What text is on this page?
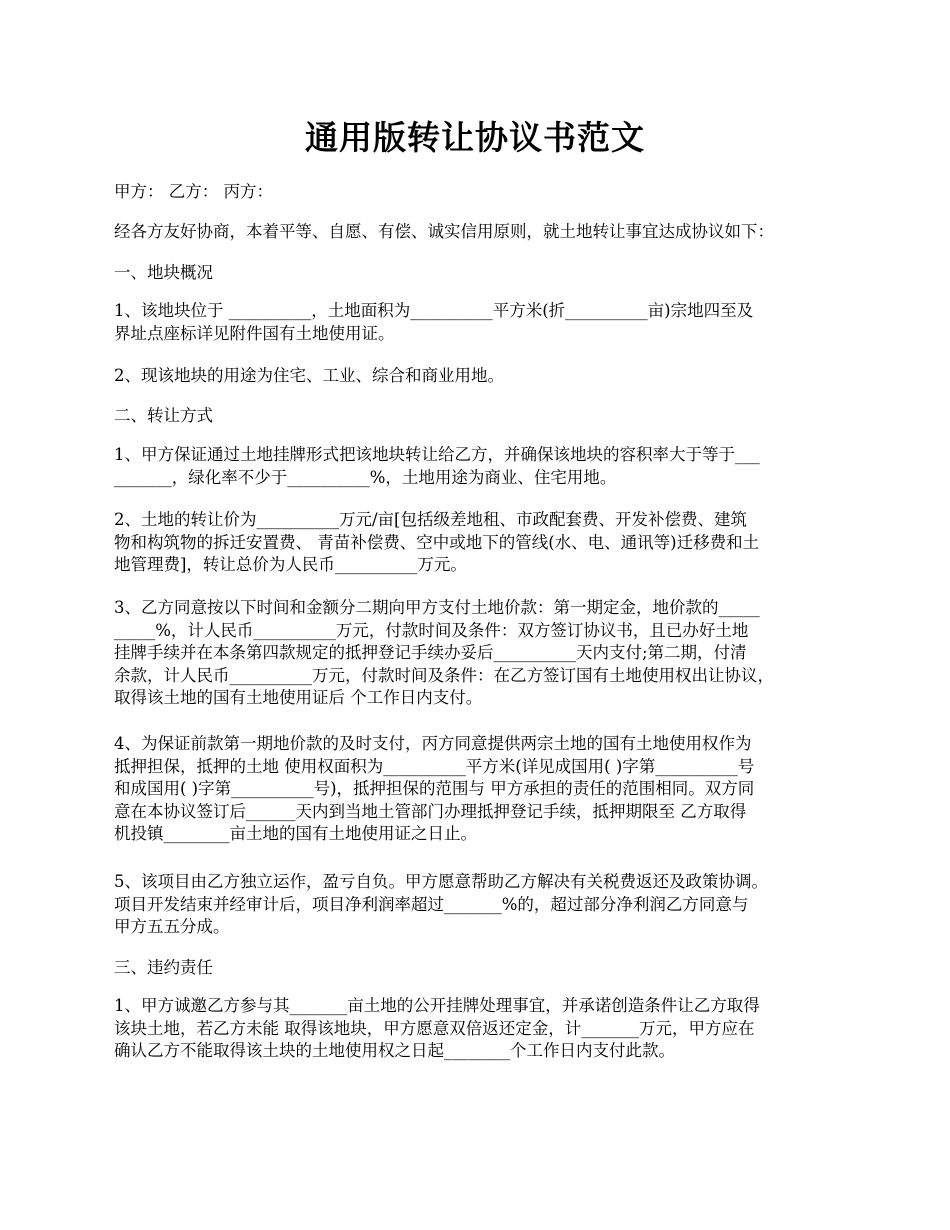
通用版转让协议书范文

甲方： 乙方： 丙方：

经各方友好协商，本着平等、自愿、有偿、诚实信用原则，就土地转让事宜达成协议如下：

一、地块概况

1、该地块位于 __________，土地面积为__________平方米(折__________亩)宗地四至及
界址点座标详见附件国有土地使用证。

2、现该地块的用途为住宅、工业、综合和商业用地。

二、转让方式

1、甲方保证通过土地挂牌形式把该地块转让给乙方，并确保该地块的容积率大于等于___
_______，绿化率不少于__________%，土地用途为商业、住宅用地。

2、土地的转让价为__________万元/亩[包括级差地租、市政配套费、开发补偿费、建筑
物和构筑物的拆迁安置费、 青苗补偿费、空中或地下的管线(水、电、通讯等)迁移费和土
地管理费]，转让总价为人民币__________万元。

3、乙方同意按以下时间和金额分二期向甲方支付土地价款：第一期定金，地价款的_____
_____%，计人民币__________万元，付款时间及条件：双方签订协议书，且已办好土地
挂牌手续并在本条第四款规定的抵押登记手续办妥后__________天内支付;第二期，付清
余款，计人民币__________万元，付款时间及条件：在乙方签订国有土地使用权出让协议，
取得该土地的国有土地使用证后 个工作日内支付。

4、为保证前款第一期地价款的及时支付，丙方同意提供两宗土地的国有土地使用权作为
抵押担保，抵押的土地 使用权面积为__________平方米(详见成国用( )字第__________号
和成国用( )字第__________号)，抵押担保的范围与 甲方承担的责任的范围相同。双方同
意在本协议签订后______天内到当地土管部门办理抵押登记手续，抵押期限至 乙方取得
机投镇________亩土地的国有土地使用证之日止。

5、该项目由乙方独立运作，盈亏自负。甲方愿意帮助乙方解决有关税费返还及政策协调。
项目开发结束并经审计后，项目净利润率超过_______%的，超过部分净利润乙方同意与
甲方五五分成。

三、违约责任

1、甲方诚邀乙方参与其_______亩土地的公开挂牌处理事宜，并承诺创造条件让乙方取得
该块土地，若乙方未能 取得该地块，甲方愿意双倍返还定金，计_______万元，甲方应在
确认乙方不能取得该土块的土地使用权之日起________个工作日内支付此款。
